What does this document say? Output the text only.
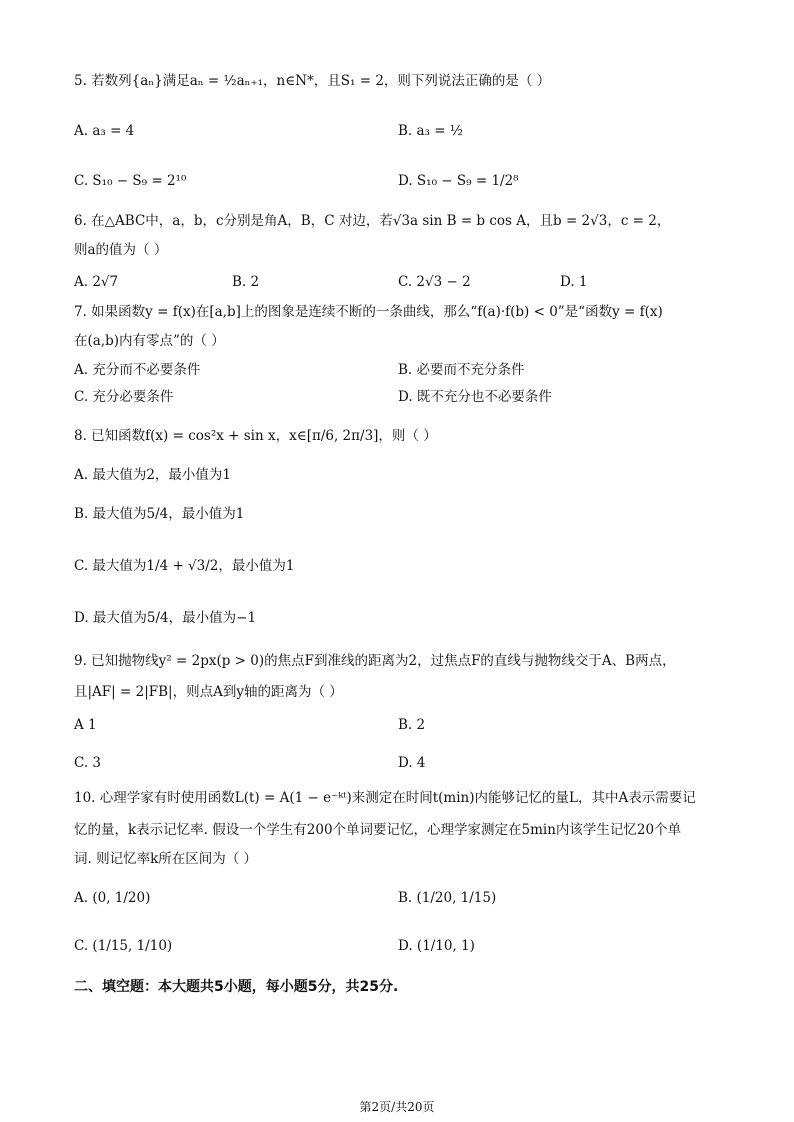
5. 若数列{aₙ}满足aₙ = ½aₙ₊₁，n∈N*，且S₁ = 2，则下列说法正确的是（ ）
A. a₃ = 4	B. a₃ = ½
C. S₁₀ − S₉ = 2¹⁰	D. S₁₀ − S₉ = 1/2⁸
6. 在△ABC中，a，b，c分别是角A，B，C 对边，若√3a sin B = b cos A，且b = 2√3，c = 2，
则a的值为（ ）
A. 2√7	B. 2	C. 2√3 − 2	D. 1
7. 如果函数y = f(x)在[a,b]上的图象是连续不断的一条曲线，那么“f(a)·f(b) < 0”是“函数y = f(x)
在(a,b)内有零点”的（ ）
A. 充分而不必要条件	B. 必要而不充分条件
C. 充分必要条件	D. 既不充分也不必要条件
8. 已知函数f(x) = cos²x + sin x，x∈[π/6, 2π/3]，则（ ）
A. 最大值为2，最小值为1
B. 最大值为5/4，最小值为1
C. 最大值为1/4 + √3/2，最小值为1
D. 最大值为5/4，最小值为−1
9. 已知抛物线y² = 2px(p > 0)的焦点F到准线的距离为2，过焦点F的直线与抛物线交于A、B两点，
且|AF| = 2|FB|，则点A到y轴的距离为（ ）
A 1	B. 2
C. 3	D. 4
10. 心理学家有时使用函数L(t) = A(1 − e⁻ᵏᵗ)来测定在时间t(min)内能够记忆的量L，其中A表示需要记
忆的量，k表示记忆率. 假设一个学生有200个单词要记忆，心理学家测定在5min内该学生记忆20个单
词. 则记忆率k所在区间为（ ）
A. (0, 1/20)	B. (1/20, 1/15)
C. (1/15, 1/10)	D. (1/10, 1)
二、填空题：本大题共5小题，每小题5分，共25分.
第2页/共20页
